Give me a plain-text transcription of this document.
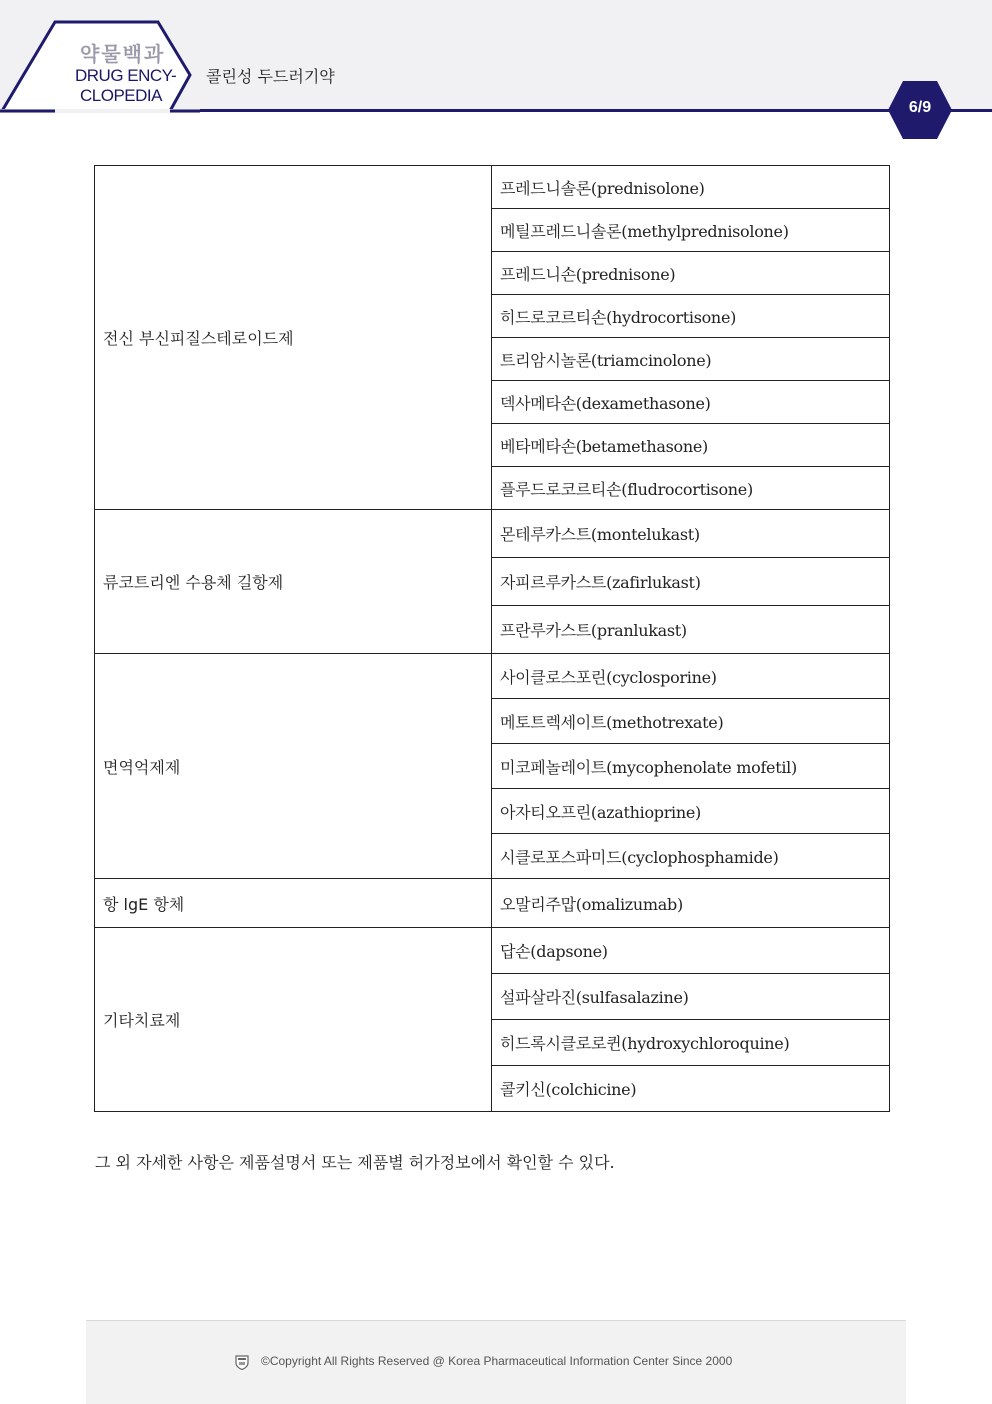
약물백과
DRUG ENCY-
CLOPEDIA
콜린성 두드러기약
6/9
전신 부신피질스테로이드제	프레드니솔론(prednisolone)
	메틸프레드니솔론(methylprednisolone)
	프레드니손(prednisone)
	히드로코르티손(hydrocortisone)
	트리암시놀론(triamcinolone)
	덱사메타손(dexamethasone)
	베타메타손(betamethasone)
	플루드로코르티손(fludrocortisone)
류코트리엔 수용체 길항제	몬테루카스트(montelukast)
	자피르루카스트(zafirlukast)
	프란루카스트(pranlukast)
면역억제제	사이클로스포린(cyclosporine)
	메토트렉세이트(methotrexate)
	미코페놀레이트(mycophenolate mofetil)
	아자티오프린(azathioprine)
	시클로포스파미드(cyclophosphamide)
항 lgE 항체	오말리주맙(omalizumab)
기타치료제	답손(dapsone)
	설파살라진(sulfasalazine)
	히드록시클로로퀸(hydroxychloroquine)
	콜키신(colchicine)
그 외 자세한 사항은 제품설명서 또는 제품별 허가정보에서 확인할 수 있다.
©Copyright All Rights Reserved @ Korea Pharmaceutical Information Center Since 2000
